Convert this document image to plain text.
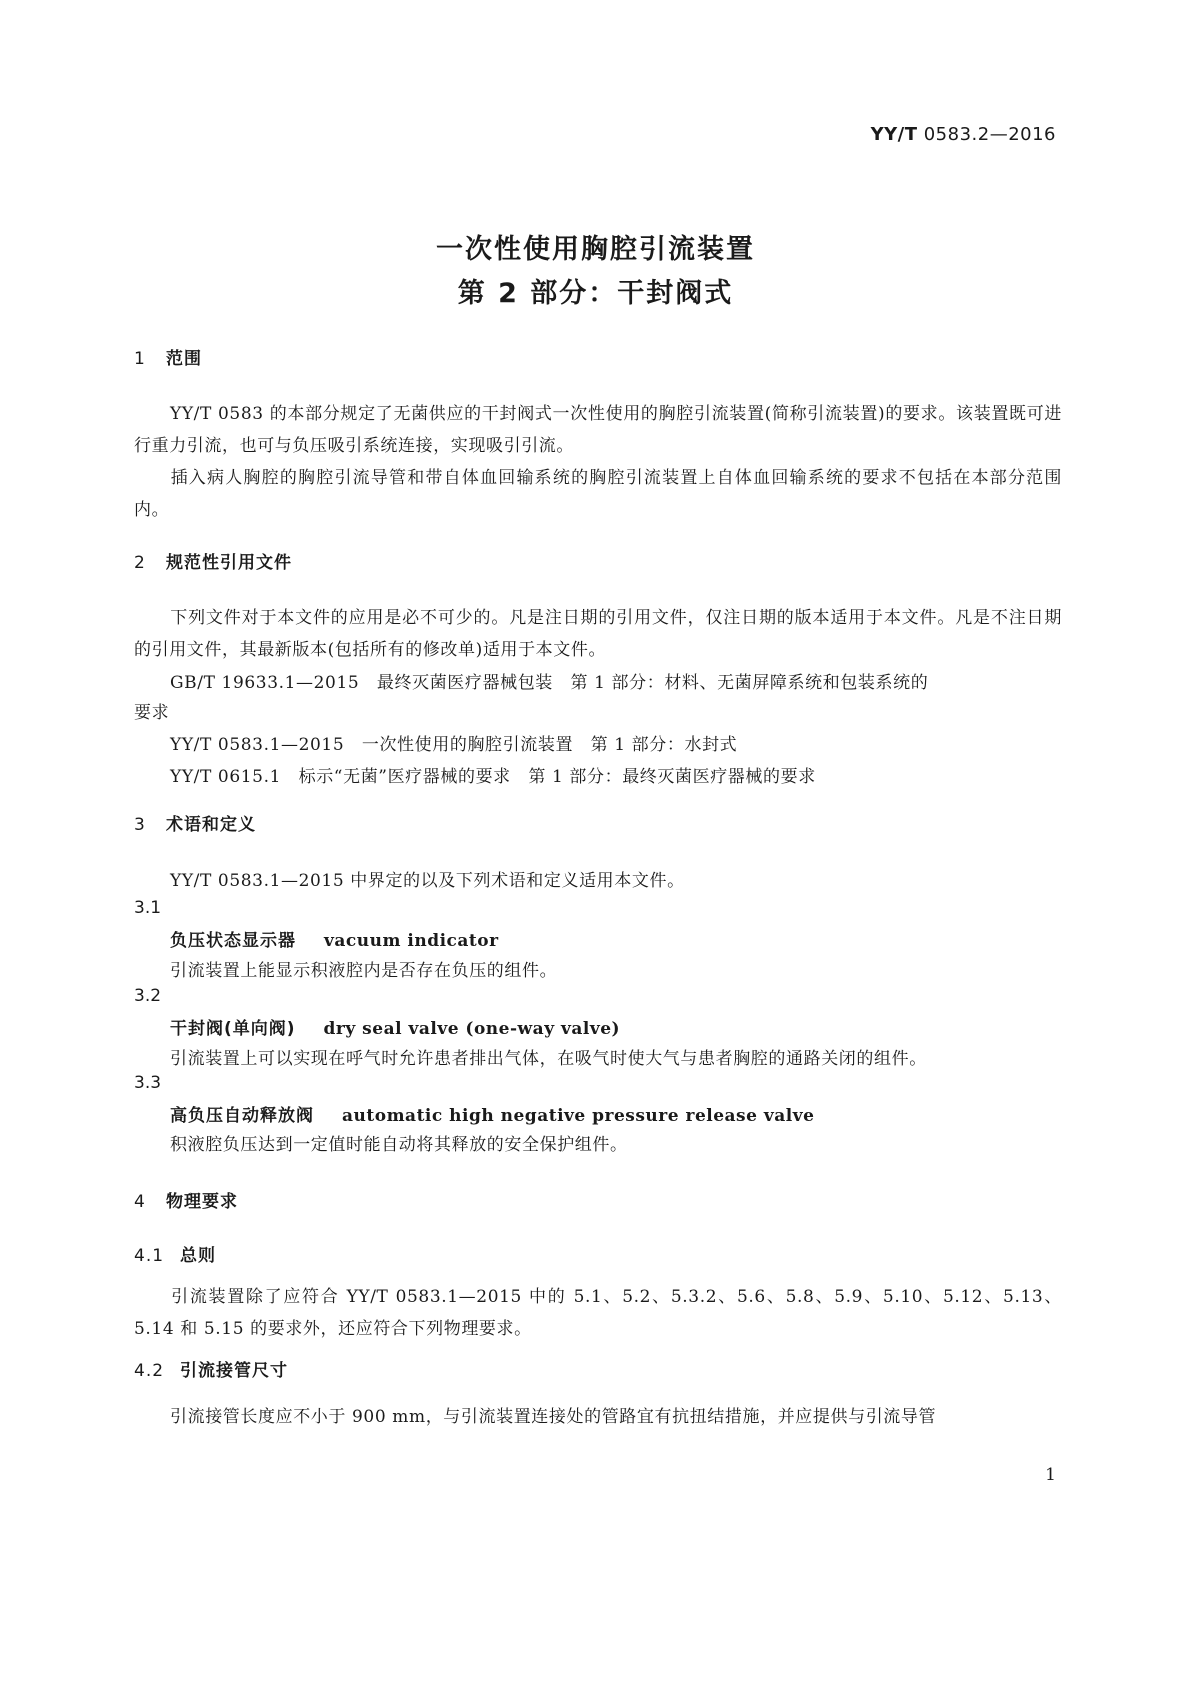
YY/T 0583.2—2016
一次性使用胸腔引流装置
第 2 部分：干封阀式
1 范围
YY/T 0583 的本部分规定了无菌供应的干封阀式一次性使用的胸腔引流装置(简称引流装置)的要求。该装置既可进行重力引流，也可与负压吸引系统连接，实现吸引引流。
插入病人胸腔的胸腔引流导管和带自体血回输系统的胸腔引流装置上自体血回输系统的要求不包括在本部分范围内。
2 规范性引用文件
下列文件对于本文件的应用是必不可少的。凡是注日期的引用文件，仅注日期的版本适用于本文件。凡是不注日期的引用文件，其最新版本(包括所有的修改单)适用于本文件。
GB/T 19633.1—2015　最终灭菌医疗器械包装　第 1 部分：材料、无菌屏障系统和包装系统的
要求
YY/T 0583.1—2015　一次性使用的胸腔引流装置　第 1 部分：水封式
YY/T 0615.1　标示“无菌”医疗器械的要求　第 1 部分：最终灭菌医疗器械的要求
3 术语和定义
YY/T 0583.1—2015 中界定的以及下列术语和定义适用本文件。
3.1
负压状态显示器 vacuum indicator
引流装置上能显示积液腔内是否存在负压的组件。
3.2
干封阀(单向阀) dry seal valve (one-way valve)
引流装置上可以实现在呼气时允许患者排出气体，在吸气时使大气与患者胸腔的通路关闭的组件。
3.3
高负压自动释放阀 automatic high negative pressure release valve
积液腔负压达到一定值时能自动将其释放的安全保护组件。
4 物理要求
4.1 总则
引流装置除了应符合 YY/T 0583.1—2015 中的 5.1、5.2、5.3.2、5.6、5.8、5.9、5.10、5.12、5.13、5.14 和 5.15 的要求外，还应符合下列物理要求。
4.2 引流接管尺寸
引流接管长度应不小于 900 mm，与引流装置连接处的管路宜有抗扭结措施，并应提供与引流导管
1
